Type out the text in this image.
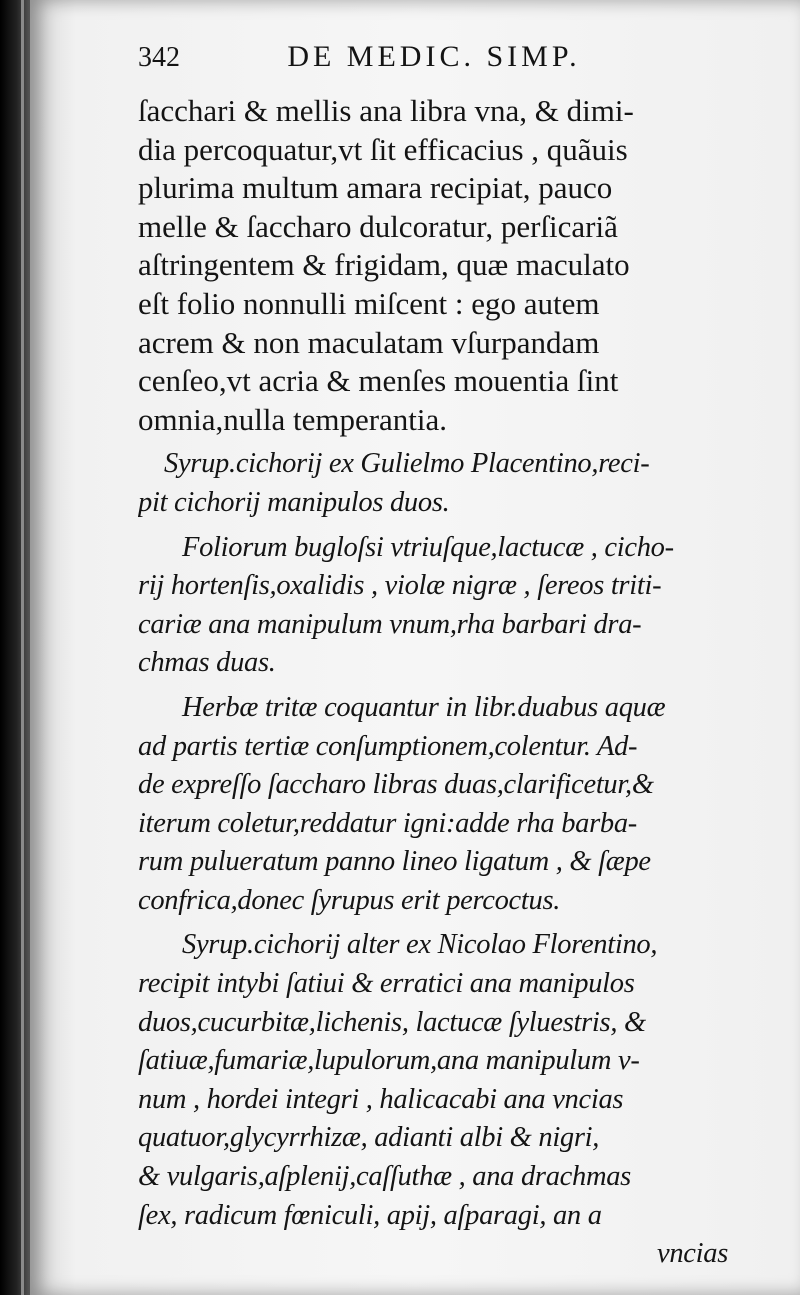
342	DE MEDIC. SIMP.
ſacchari & mellis ana libra vna, & dimi-
dia percoquatur,vt ſit efficacius , quãuis
plurima multum amara recipiat, pauco
melle & ſaccharo dulcoratur, perſicariã
aſtringentem & frigidam, quæ maculato
eſt folio nonnulli miſcent : ego autem
acrem & non maculatam vſurpandam
cenſeo,vt acria & menſes mouentia ſint
omnia,nulla temperantia.
Syrup.cichorij ex Gulielmo Placentino,reci-
pit cichorij manipulos duos.
Foliorum bugloſsi vtriuſque,lactucæ , cicho-
rij hortenſis,oxalidis , violæ nigræ , ſereos triti-
cariæ ana manipulum vnum,rha barbari dra-
chmas duas.
Herbæ tritæ coquantur in libr.duabus aquæ
ad partis tertiæ conſumptionem,colentur. Ad-
de expreſſo ſaccharo libras duas,clarificetur,&
iterum coletur,reddatur igni:adde rha barba-
rum pulueratum panno lineo ligatum , & ſæpe
confrica,donec ſyrupus erit percoctus.
Syrup.cichorij alter ex Nicolao Florentino,
recipit intybi ſatiui & erratici ana manipulos
duos,cucurbitæ,lichenis, lactucæ ſyluestris, &
ſatiuæ,fumariæ,lupulorum,ana manipulum v-
num , hordei integri , halicacabi ana vncias
quatuor,glycyrrhizæ, adianti albi & nigri,
& vulgaris,aſplenij,caſſuthæ , ana drachmas
ſex, radicum fœniculi, apij, aſparagi, an a
vncias
